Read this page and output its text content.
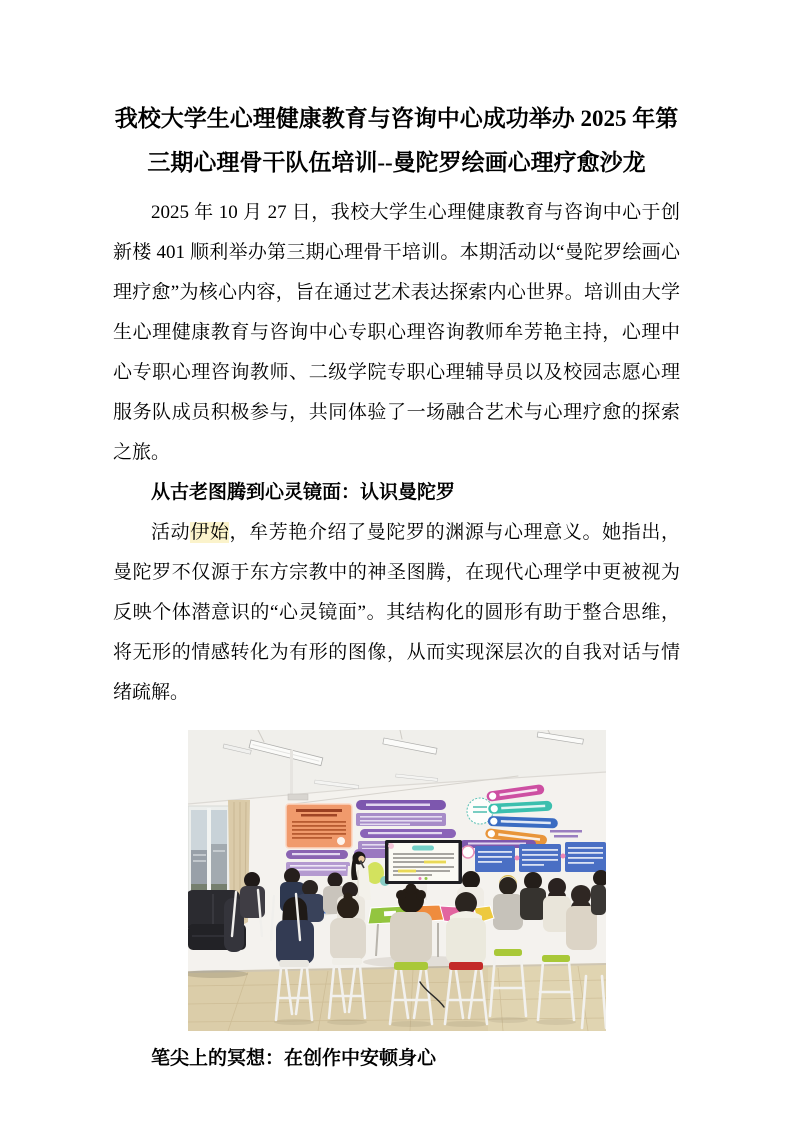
我校大学生心理健康教育与咨询中心成功举办 2025 年第三期心理骨干队伍培训--曼陀罗绘画心理疗愈沙龙

2025 年 10 月 27 日，我校大学生心理健康教育与咨询中心于创新楼 401 顺利举办第三期心理骨干培训。本期活动以“曼陀罗绘画心理疗愈”为核心内容，旨在通过艺术表达探索内心世界。培训由大学生心理健康教育与咨询中心专职心理咨询教师牟芳艳主持，心理中心专职心理咨询教师、二级学院专职心理辅导员以及校园志愿心理服务队成员积极参与，共同体验了一场融合艺术与心理疗愈的探索之旅。

从古老图腾到心灵镜面：认识曼陀罗

活动伊始，牟芳艳介绍了曼陀罗的渊源与心理意义。她指出，曼陀罗不仅源于东方宗教中的神圣图腾，在现代心理学中更被视为反映个体潜意识的“心灵镜面”。其结构化的圆形有助于整合思维，将无形的情感转化为有形的图像，从而实现深层次的自我对话与情绪疏解。

笔尖上的冥想：在创作中安顿身心
